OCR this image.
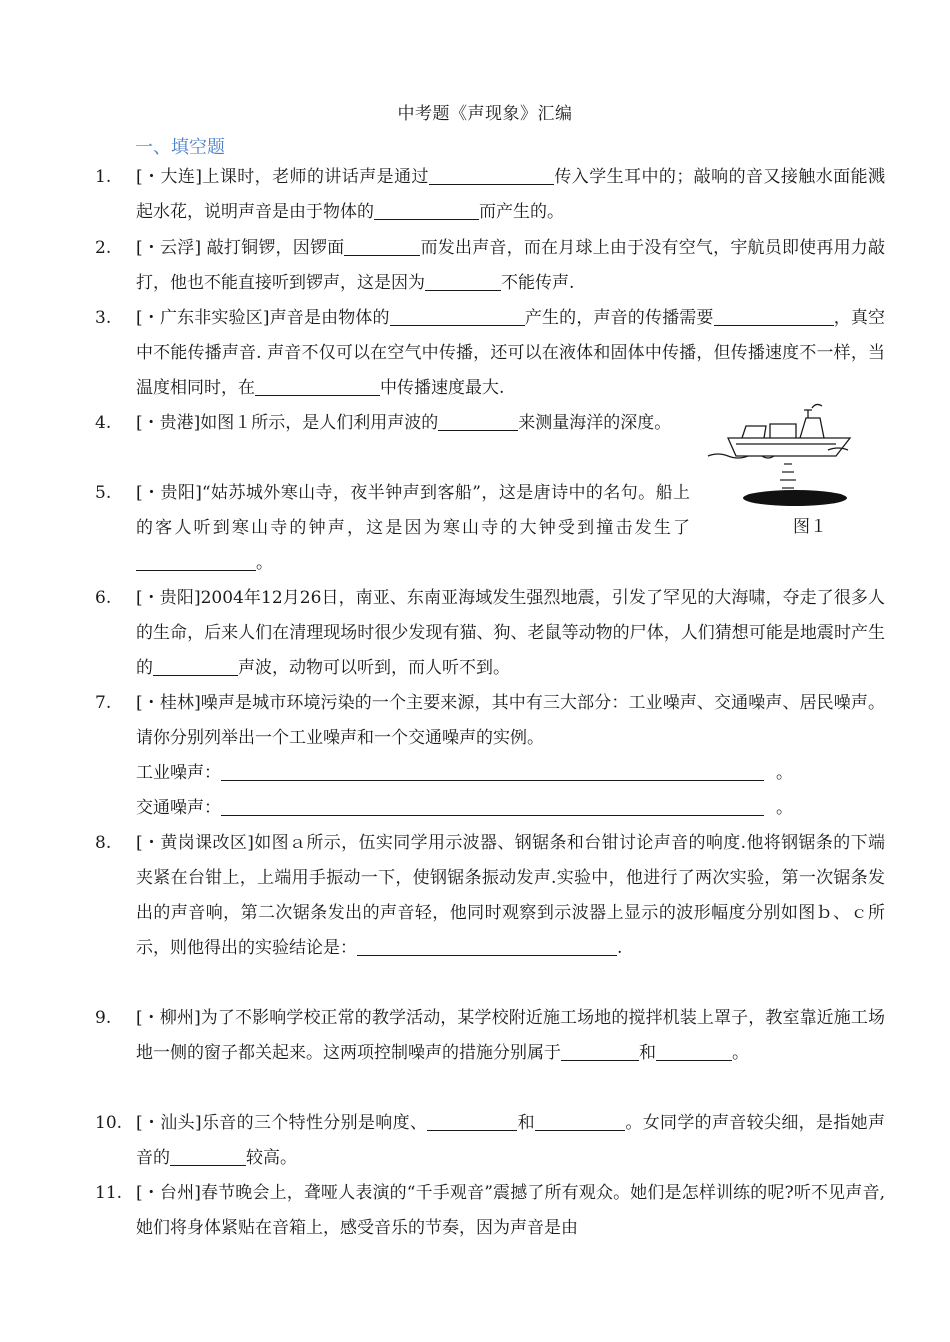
中考题《声现象》汇编
一、填空题
1.	[・大连]上课时，老师的讲话声是通过	传入学生耳中的；敲响的音又接触水面能溅起水花，说明声音是由于物体的	而产生的。
2.	[・云浮] 敲打铜锣，因锣面	而发出声音，而在月球上由于没有空气，宇航员即使再用力敲打，他也不能直接听到锣声，这是因为	不能传声.
3.	[・广东非实验区]声音是由物体的	产生的，声音的传播需要	，真空中不能传播声音. 声音不仅可以在空气中传播，还可以在液体和固体中传播，但传播速度不一样，当温度相同时，在	中传播速度最大.
4.	[・贵港]如图１所示，是人们利用声波的	来测量海洋的深度。
5.	[・贵阳]“姑苏城外寒山寺，夜半钟声到客船”，这是唐诗中的名句。船上的客人听到寒山寺的钟声，这是因为寒山寺的大钟受到撞击发生了。
图１
6.	[・贵阳]2004年12月26日，南亚、东南亚海域发生强烈地震，引发了罕见的大海啸，夺走了很多人的生命，后来人们在清理现场时很少发现有猫、狗、老鼠等动物的尸体，人们猜想可能是地震时产生的	声波，动物可以听到，而人听不到。
7.	[・桂林]噪声是城市环境污染的一个主要来源，其中有三大部分：工业噪声、交通噪声、居民噪声。请你分别列举出一个工业噪声和一个交通噪声的实例。
工业噪声：	。
交通噪声：	。
8.	[・黄岗课改区]如图ａ所示，伍实同学用示波器、钢锯条和台钳讨论声音的响度.他将钢锯条的下端夹紧在台钳上，上端用手振动一下，使钢锯条振动发声.实验中，他进行了两次实验，第一次锯条发出的声音响，第二次锯条发出的声音轻，他同时观察到示波器上显示的波形幅度分别如图ｂ、ｃ所示，则他得出的实验结论是：	.
9.	[・柳州]为了不影响学校正常的教学活动，某学校附近施工场地的搅拌机装上罩子，教室靠近施工场地一侧的窗子都关起来。这两项控制噪声的措施分别属于	和	。
10. [・汕头]乐音的三个特性分别是响度、	和	。女同学的声音较尖细，是指她声音的	较高。
11. [・台州]春节晚会上，聋哑人表演的“千手观音”震撼了所有观众。她们是怎样训练的呢?听不见声音,她们将身体紧贴在音箱上，感受音乐的节奏，因为声音是由
